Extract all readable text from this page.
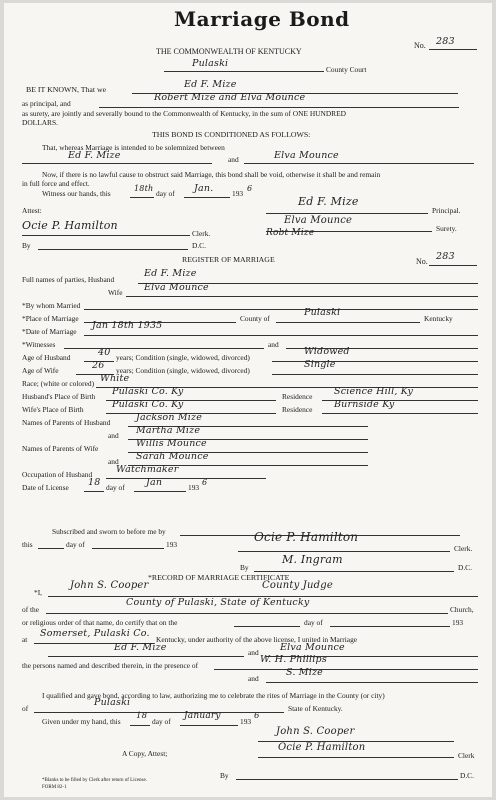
Marriage Bond
No. 283
THE COMMONWEALTH OF KENTUCKY
Pulaski
County Court
BE IT KNOWN, That we	Ed F. Mize
as principal, and
Robert Mize and Elva Mounce
as surety, are jointly and severally bound to the Commonwealth of Kentucky, in the sum of ONE HUNDRED
DOLLARS.
THIS BOND IS CONDITIONED AS FOLLOWS:
That, whereas Marriage is intended to be solemnized between
Ed F. Mize	and	Elva Mounce
Now, if there is no lawful cause to obstruct said Marriage, this bond shall be void, otherwise it shall be and remain
in full force and effect.
Witness our hands, this
18th
day of Jan.	193
6
Ed F. Mize
Principal.
Attest:
Elva Mounce
Surety.
Ocie P. Hamilton
Clerk.	Robt Mize
By	D.C.
REGISTER OF MARRIAGE	No. 283
Full names of parties, Husband
Ed F. Mize
Wife Elva Mounce
*By whom Married
*Place of Marriage	County of
Pulaski
Kentucky
*Date of Marriage
Jan 18th 1935
*Witnesses	and
Age of Husband	40 years; Condition (single, widowed, divorced)
Widowed
Age of Wife	26 years; Condition (single, widowed, divorced)
Single
Race; (white or colored) White
Husband's Place of Birth Pulaski Co. Ky	Residence Science Hill, Ky
Wife's Place of Birth	Pulaski Co. Ky	Residence Burnside Ky
Names of Parents of Husband	Jackson Mize
and Martha Mize
Names of Parents of Wife	Willis Mounce
and Sarah Mounce
Occupation of Husband	Watchmaker
Date of License 18 day of Jan	193
6
Subscribed and sworn to before me by
this	day of	193
Ocie P. Hamilton
Clerk.
By
M. Ingram
D.C.
*RECORD OF MARRIAGE CERTIFICATE
*I,
John S. Cooper	County Judge
of the
County of Pulaski, State of Kentucky
Church,
or religious order of that name, do certify that on the	day of	193
at
Somerset, Pulaski Co.
Kentucky, under authority of the above license, I united in Marriage
Ed F. Mize	and Elva Mounce
the persons named and described therein, in the presence of
W. H. Phillips
and
S. Mize
I qualified and gave bond, according to law, authorizing me to celebrate the rites of Marriage in the County (or city)
of
Pulaski
State of Kentucky.
Given under my hand, this
18
day of
January
193
6
John S. Cooper
A Copy, Attest;
Ocie P. Hamilton
Clerk
By	D.C.
*Blanks to be filled by Clerk after return of License.
FORM 82-1
